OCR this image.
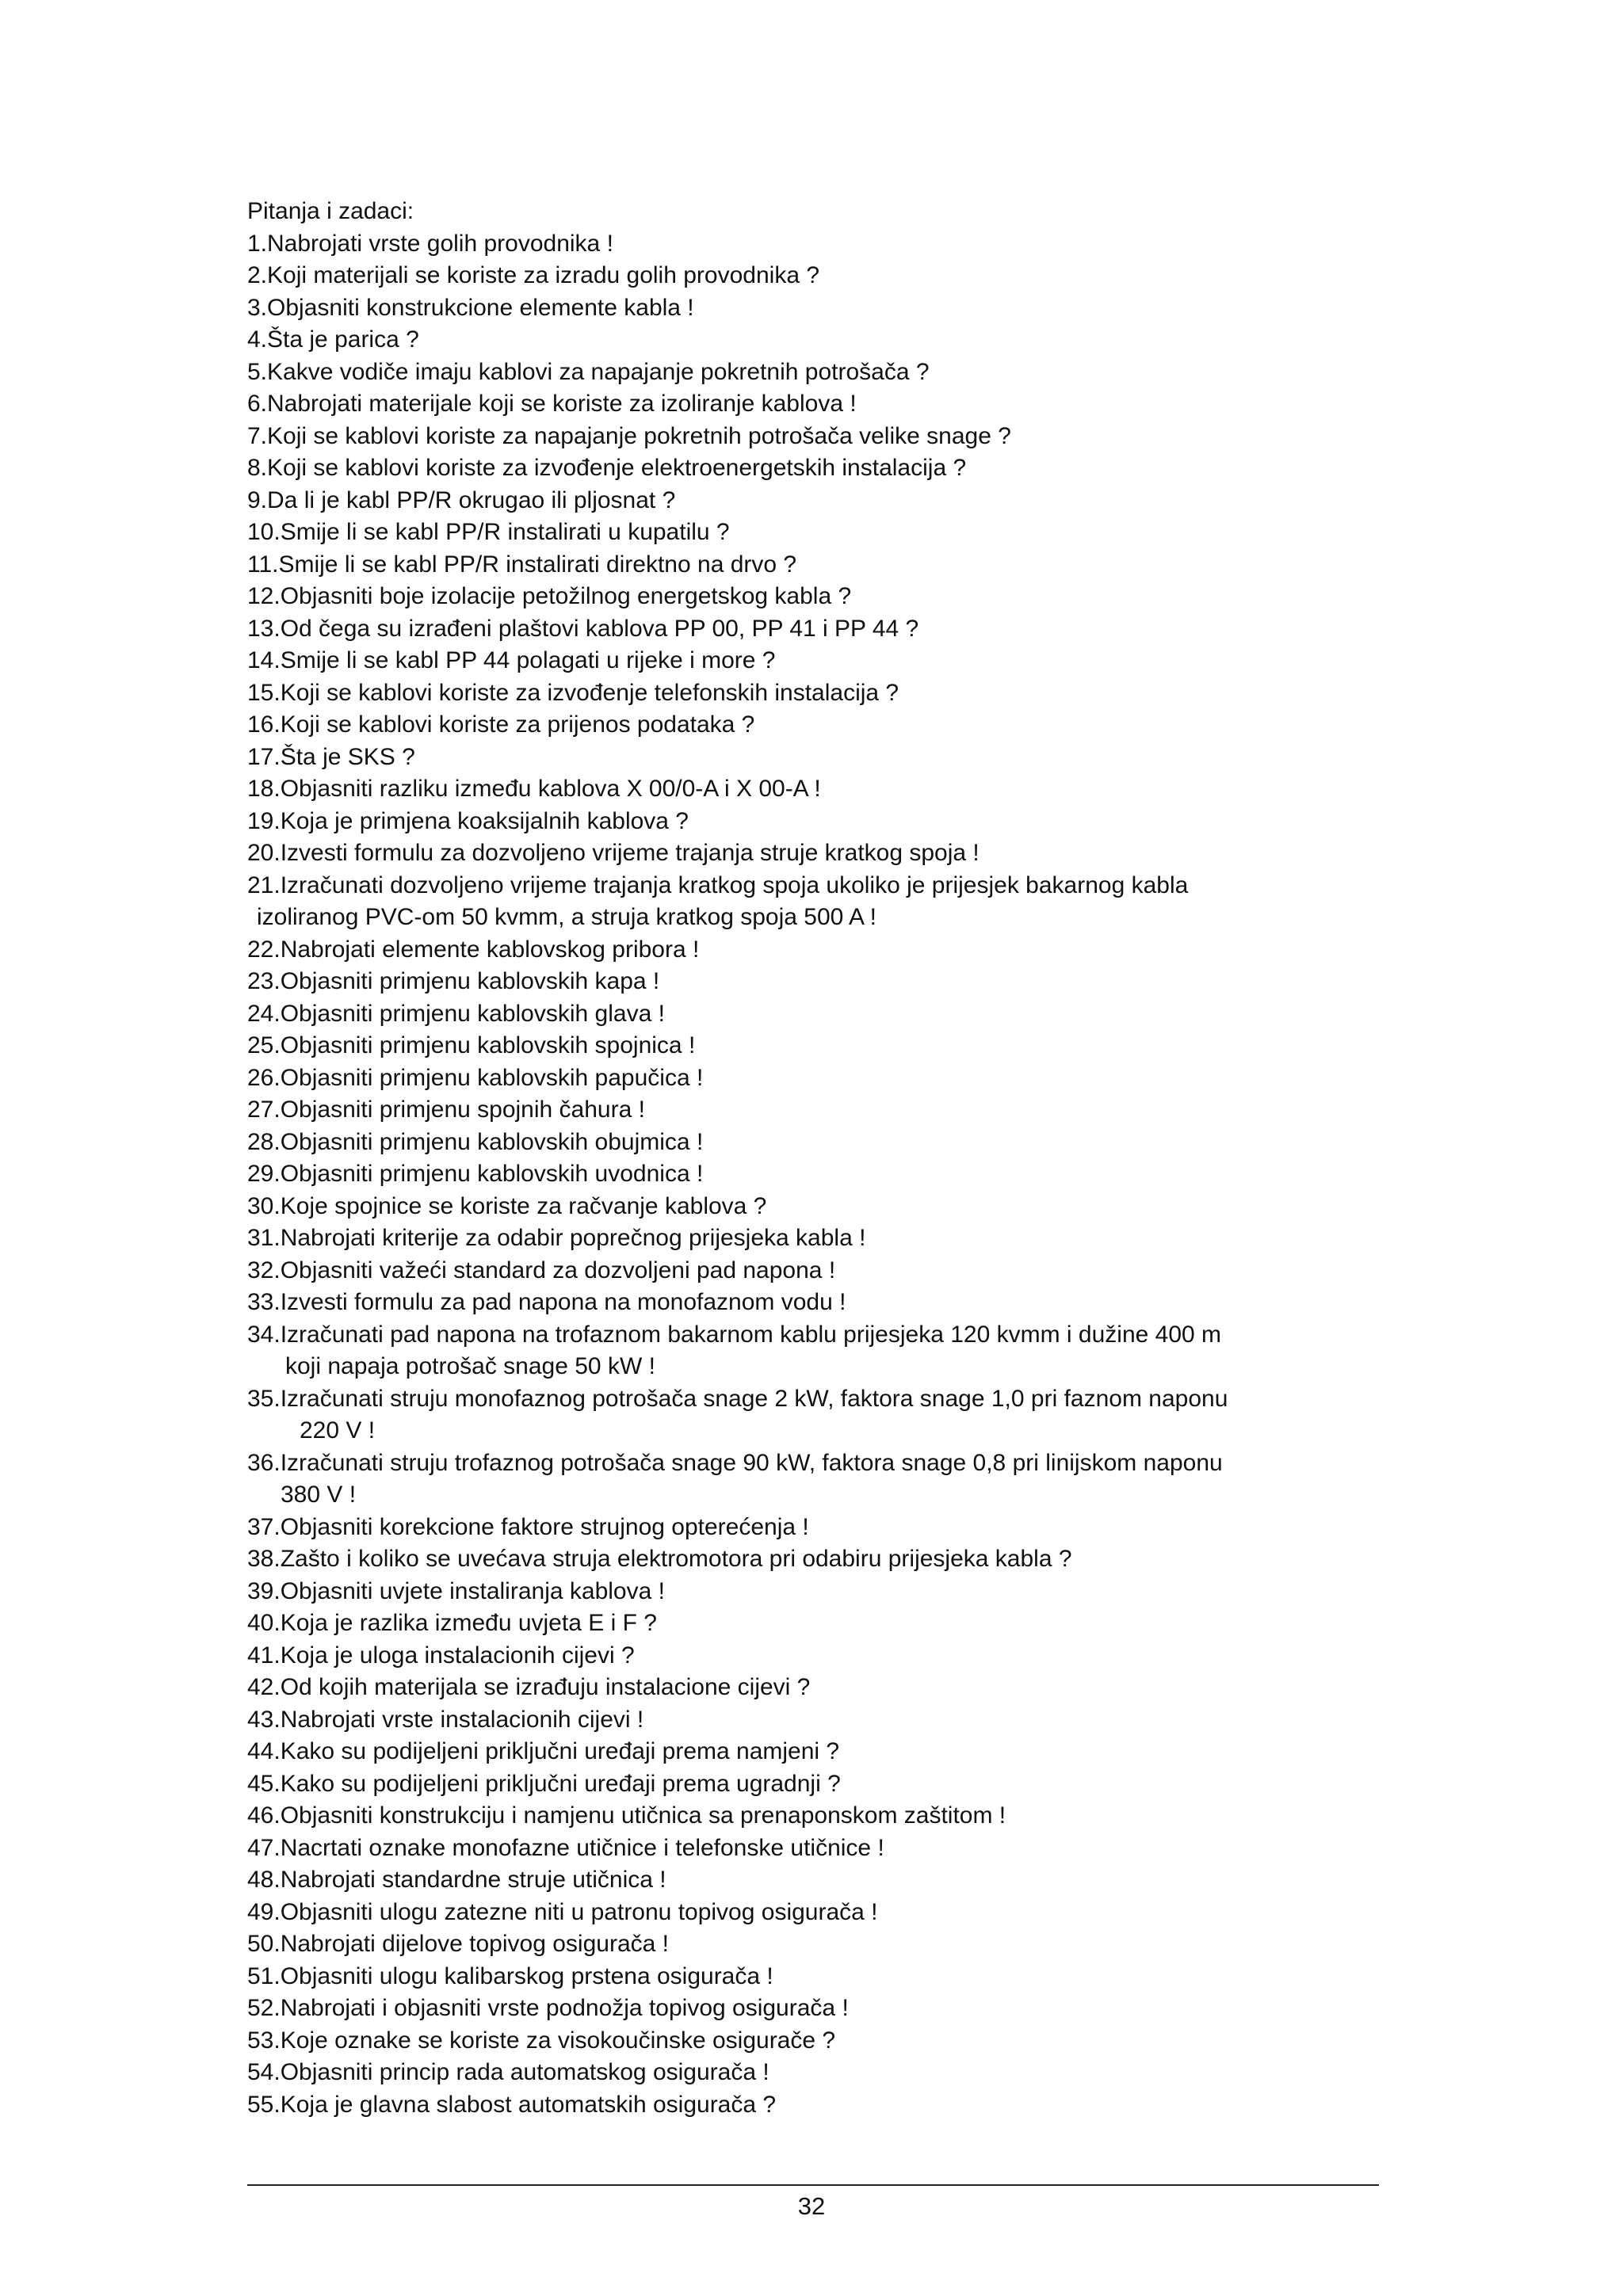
Pitanja i zadaci:

1.Nabrojati vrste golih provodnika !
2.Koji materijali se koriste za izradu golih provodnika ?
3.Objasniti konstrukcione elemente kabla !
4.Šta je parica ?
5.Kakve vodiče imaju kablovi za napajanje pokretnih potrošača ?
6.Nabrojati materijale koji se koriste za izoliranje kablova !
7.Koji se kablovi koriste za napajanje pokretnih potrošača velike snage ?
8.Koji se kablovi koriste za izvođenje elektroenergetskih instalacija ?
9.Da li je kabl PP/R okrugao ili pljosnat ?
10.Smije li se kabl PP/R instalirati u kupatilu ?
11.Smije li se kabl PP/R instalirati direktno na drvo ?
12.Objasniti boje izolacije petožilnog energetskog kabla ?
13.Od čega su izrađeni plaštovi kablova PP 00, PP 41 i PP 44 ?
14.Smije li se kabl PP 44 polagati u rijeke i more ?
15.Koji se kablovi koriste za izvođenje telefonskih instalacija ?
16.Koji se kablovi koriste za prijenos podataka ?
17.Šta je SKS ?
18.Objasniti razliku između kablova X 00/0-A i X 00-A !
19.Koja je primjena koaksijalnih kablova ?
20.Izvesti formulu za dozvoljeno vrijeme trajanja struje kratkog spoja !
21.Izračunati dozvoljeno vrijeme trajanja kratkog spoja ukoliko je prijesjek bakarnog kabla
izoliranog PVC-om 50 kvmm, a struja kratkog spoja 500 A !
22.Nabrojati elemente kablovskog pribora !
23.Objasniti primjenu kablovskih kapa !
24.Objasniti primjenu kablovskih glava !
25.Objasniti primjenu kablovskih spojnica !
26.Objasniti primjenu kablovskih papučica !
27.Objasniti primjenu spojnih čahura !
28.Objasniti primjenu kablovskih obujmica !
29.Objasniti primjenu kablovskih uvodnica !
30.Koje spojnice se koriste za račvanje kablova ?
31.Nabrojati kriterije za odabir poprečnog prijesjeka kabla !
32.Objasniti važeći standard za dozvoljeni pad napona !
33.Izvesti formulu za pad napona na monofaznom vodu !
34.Izračunati pad napona na trofaznom bakarnom kablu prijesjeka 120 kvmm i dužine 400 m
koji napaja potrošač snage 50 kW !
35.Izračunati struju monofaznog potrošača snage 2 kW, faktora snage 1,0 pri faznom naponu
220 V !
36.Izračunati struju trofaznog potrošača snage 90 kW, faktora snage 0,8 pri linijskom naponu
380 V !
37.Objasniti korekcione faktore strujnog opterećenja !
38.Zašto i koliko se uvećava struja elektromotora pri odabiru prijesjeka kabla ?
39.Objasniti uvjete instaliranja kablova !
40.Koja je razlika između uvjeta E i F ?
41.Koja je uloga instalacionih cijevi ?
42.Od kojih materijala se izrađuju instalacione cijevi ?
43.Nabrojati vrste instalacionih cijevi !
44.Kako su podijeljeni priključni uređaji prema namjeni ?
45.Kako su podijeljeni priključni uređaji prema ugradnji ?
46.Objasniti konstrukciju i namjenu utičnica sa prenaponskom zaštitom !
47.Nacrtati oznake monofazne utičnice i telefonske utičnice !
48.Nabrojati standardne struje utičnica !
49.Objasniti ulogu zatezne niti u patronu topivog osigurača !
50.Nabrojati dijelove topivog osigurača !
51.Objasniti ulogu kalibarskog prstena osigurača !
52.Nabrojati i objasniti vrste podnožja topivog osigurača !
53.Koje oznake se koriste za visokoučinske osigurače ?
54.Objasniti princip rada automatskog osigurača !
55.Koja je glavna slabost automatskih osigurača ?
32
